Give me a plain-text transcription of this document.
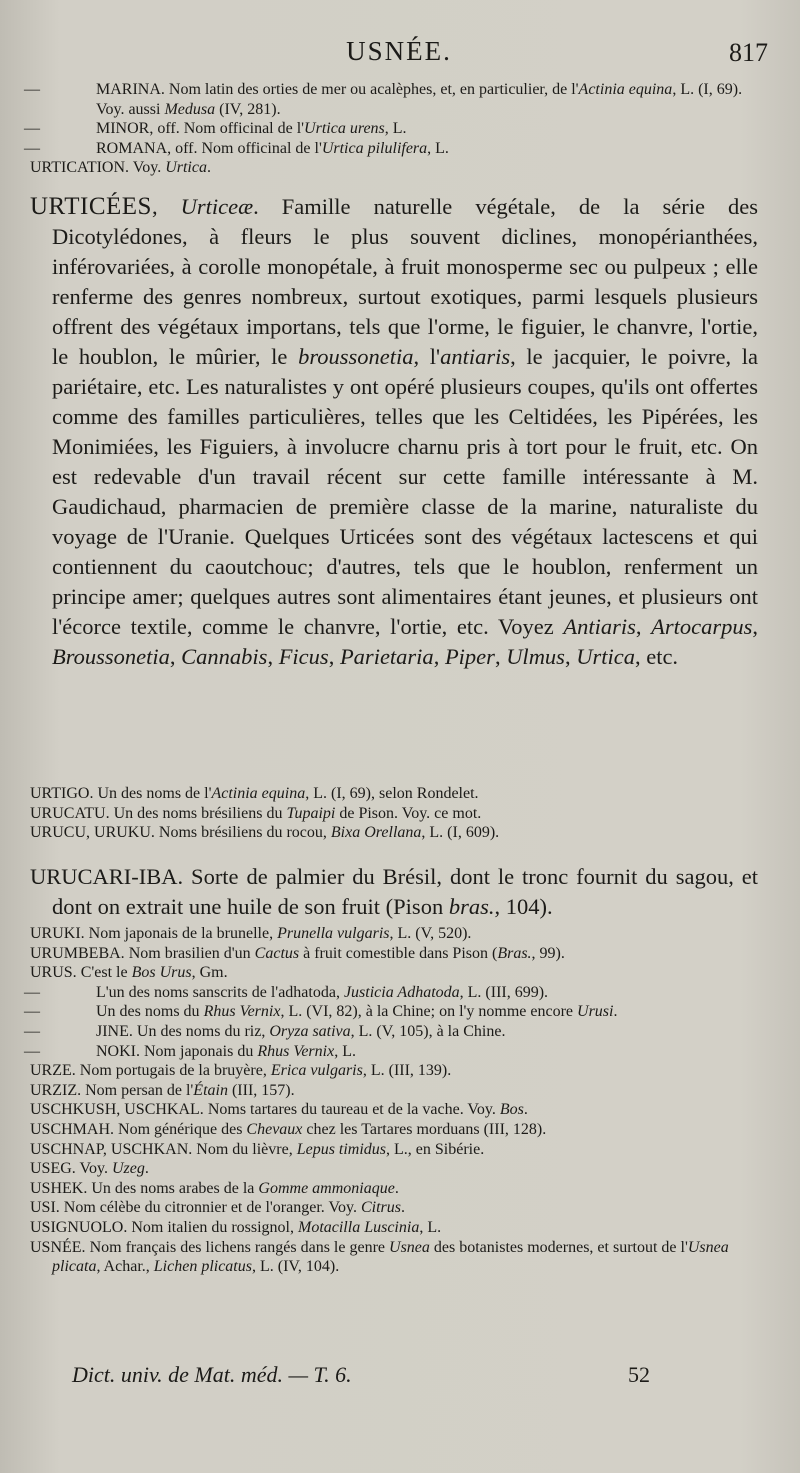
USNÉE.	817

—	MARINA. Nom latin des orties de mer ou acalèphes, et, en particulier, de l'Actinia equina, L. (I, 69). Voy. aussi Medusa (IV, 281).

—	MINOR, off. Nom officinal de l'Urtica urens, L.

—	ROMANA, off. Nom officinal de l'Urtica pilulifera, L.

URTICATION. Voy. Urtica.

URTICÉES, Urticeæ. Famille naturelle végétale, de la série des Dicotylédones, à fleurs le plus souvent diclines, monopérianthées, inférovariées, à corolle monopétale, à fruit monosperme sec ou pulpeux ; elle renferme des genres nombreux, surtout exotiques, parmi lesquels plusieurs offrent des végétaux importans, tels que l'orme, le figuier, le chanvre, l'ortie, le houblon, le mûrier, le broussonetia, l'antiaris, le jacquier, le poivre, la pariétaire, etc. Les naturalistes y ont opéré plusieurs coupes, qu'ils ont offertes comme des familles particulières, telles que les Celtidées, les Pipérées, les Monimiées, les Figuiers, à involucre charnu pris à tort pour le fruit, etc. On est redevable d'un travail récent sur cette famille intéressante à M. Gaudichaud, pharmacien de première classe de la marine, naturaliste du voyage de l'Uranie. Quelques Urticées sont des végétaux lactescens et qui contiennent du caoutchouc; d'autres, tels que le houblon, renferment un principe amer; quelques autres sont alimentaires étant jeunes, et plusieurs ont l'écorce textile, comme le chanvre, l'ortie, etc. Voyez Antiaris, Artocarpus, Broussonetia, Cannabis, Ficus, Parietaria, Piper, Ulmus, Urtica, etc.

URTIGO. Un des noms de l'Actinia equina, L. (I, 69), selon Rondelet.

URUCATU. Un des noms brésiliens du Tupaipi de Pison. Voy. ce mot.

URUCU, URUKU. Noms brésiliens du rocou, Bixa Orellana, L. (I, 609).

URUCARI-IBA. Sorte de palmier du Brésil, dont le tronc fournit du sagou, et dont on extrait une huile de son fruit (Pison bras., 104).

URUKI. Nom japonais de la brunelle, Prunella vulgaris, L. (V, 520).

URUMBEBA. Nom brasilien d'un Cactus à fruit comestible dans Pison (Bras., 99).

URUS. C'est le Bos Urus, Gm.

—	L'un des noms sanscrits de l'adhatoda, Justicia Adhatoda, L. (III, 699).

—	Un des noms du Rhus Vernix, L. (VI, 82), à la Chine; on l'y nomme encore Urusi.

—	JINE. Un des noms du riz, Oryza sativa, L. (V, 105), à la Chine.

—	NOKI. Nom japonais du Rhus Vernix, L.

URZE. Nom portugais de la bruyère, Erica vulgaris, L. (III, 139).

URZIZ. Nom persan de l'Étain (III, 157).

USCHKUSH, USCHKAL. Noms tartares du taureau et de la vache. Voy. Bos.

USCHMAH. Nom générique des Chevaux chez les Tartares morduans (III, 128).

USCHNAP, USCHKAN. Nom du lièvre, Lepus timidus, L., en Sibérie.

USEG. Voy. Uzeg.

USHEK. Un des noms arabes de la Gomme ammoniaque.

USI. Nom célèbe du citronnier et de l'oranger. Voy. Citrus.

USIGNUOLO. Nom italien du rossignol, Motacilla Luscinia, L.

USNÉE. Nom français des lichens rangés dans le genre Usnea des botanistes modernes, et surtout de l'Usnea plicata, Achar., Lichen plicatus, L. (IV, 104).

Dict. univ. de Mat. méd. — T. 6.	52
